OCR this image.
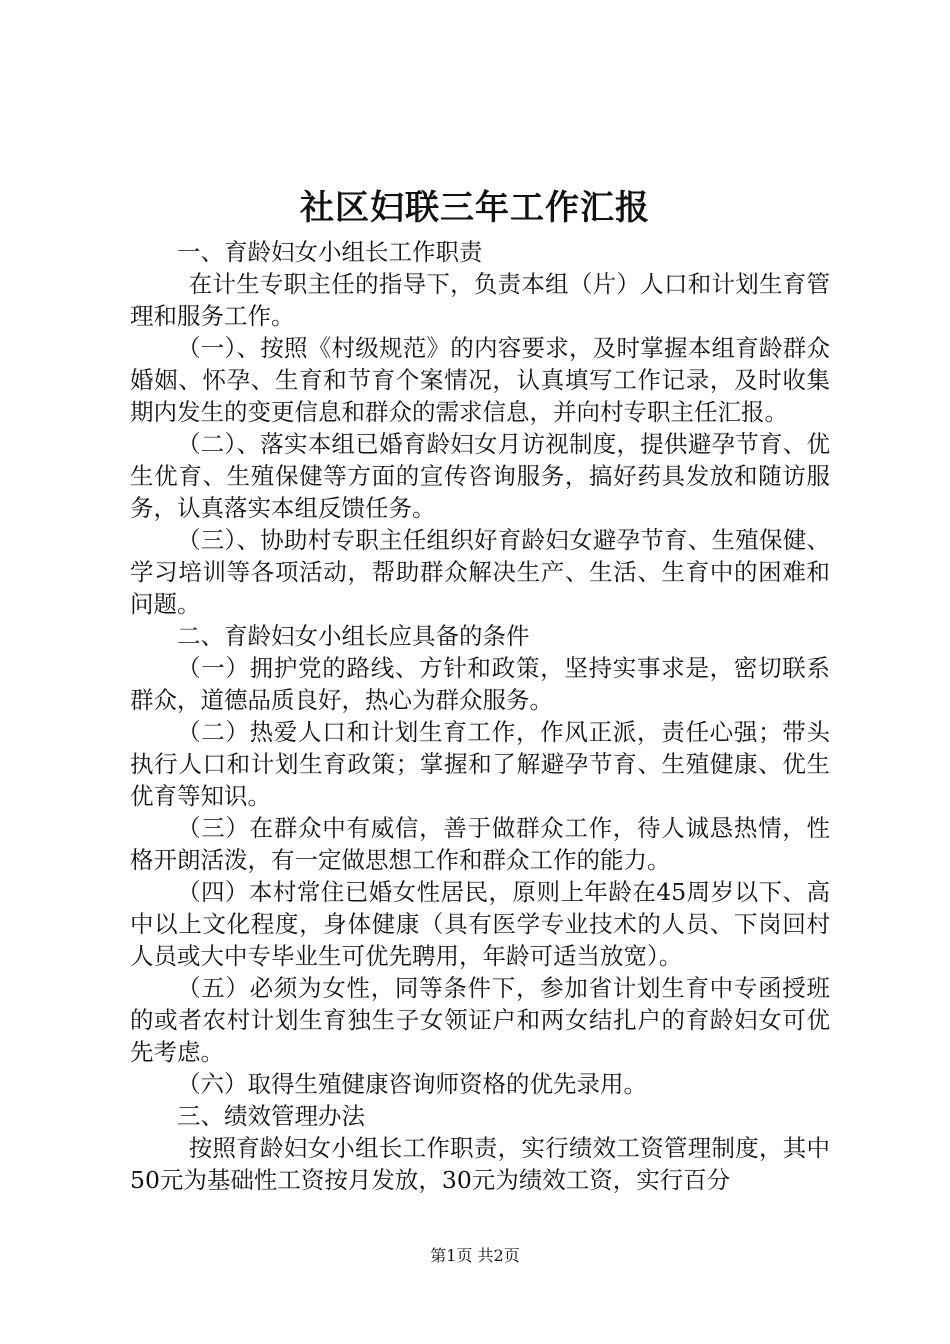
社区妇联三年工作汇报

一、育龄妇女小组长工作职责

在计生专职主任的指导下，负责本组（片）人口和计划生育管理和服务工作。

（一）、按照《村级规范》的内容要求，及时掌握本组育龄群众婚姻、怀孕、生育和节育个案情况，认真填写工作记录，及时收集期内发生的变更信息和群众的需求信息，并向村专职主任汇报。

（二）、落实本组已婚育龄妇女月访视制度，提供避孕节育、优生优育、生殖保健等方面的宣传咨询服务，搞好药具发放和随访服务，认真落实本组反馈任务。

（三）、协助村专职主任组织好育龄妇女避孕节育、生殖保健、学习培训等各项活动，帮助群众解决生产、生活、生育中的困难和问题。

二、育龄妇女小组长应具备的条件

（一）拥护党的路线、方针和政策，坚持实事求是，密切联系群众，道德品质良好，热心为群众服务。

（二）热爱人口和计划生育工作，作风正派，责任心强；带头执行人口和计划生育政策；掌握和了解避孕节育、生殖健康、优生优育等知识。

（三）在群众中有威信，善于做群众工作，待人诚恳热情，性格开朗活泼，有一定做思想工作和群众工作的能力。

（四）本村常住已婚女性居民，原则上年龄在45周岁以下、高中以上文化程度，身体健康（具有医学专业技术的人员、下岗回村人员或大中专毕业生可优先聘用，年龄可适当放宽）。

（五）必须为女性，同等条件下，参加省计划生育中专函授班的或者农村计划生育独生子女领证户和两女结扎户的育龄妇女可优先考虑。

（六）取得生殖健康咨询师资格的优先录用。

三、绩效管理办法

按照育龄妇女小组长工作职责，实行绩效工资管理制度，其中50元为基础性工资按月发放，30元为绩效工资，实行百分

第1页 共2页
